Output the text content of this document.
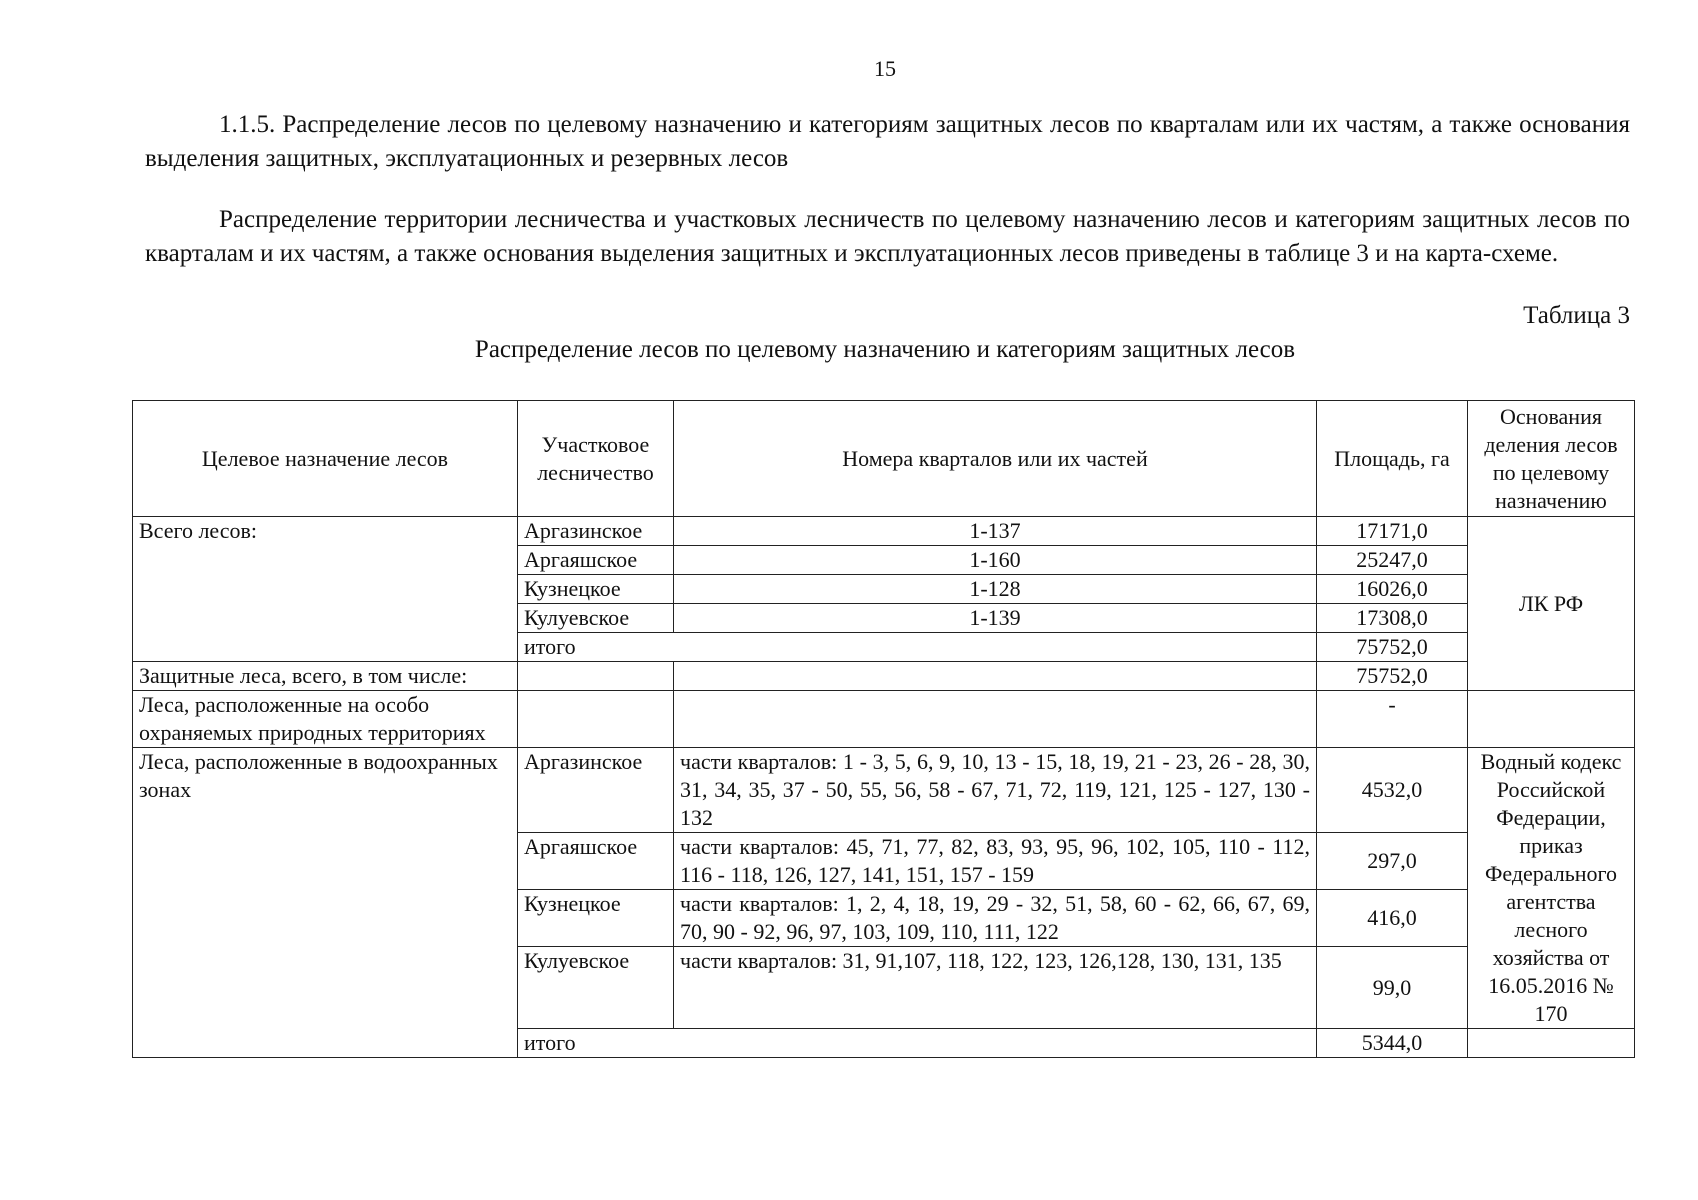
15
1.1.5. Распределение лесов по целевому назначению и категориям защитных лесов по кварталам или их частям, а также основания выделения защитных, эксплуатационных и резервных лесов
Распределение территории лесничества и участковых лесничеств по целевому назначению лесов и категориям защитных лесов по кварталам и их частям, а также основания выделения защитных и эксплуатационных лесов приведены в таблице 3 и на карта-схеме.
Таблица 3
Распределение лесов по целевому назначению и категориям защитных лесов
Целевое назначение лесов	Участковое лесничество	Номера кварталов или их частей	Площадь, га	Основания деления лесов по целевому назначению
Всего лесов:	Аргазинское	1-137	17171,0	ЛК РФ
	Аргаяшское	1-160	25247,0	
	Кузнецкое	1-128	16026,0	
	Кулуевское	1-139	17308,0	
	итого		75752,0	
Защитные леса, всего, в том числе:			75752,0	
Леса, расположенные на особо охраняемых природных территориях			-	
Леса, расположенные в водоохранных зонах	Аргазинское	части кварталов: 1 - 3, 5, 6, 9, 10, 13 - 15, 18, 19, 21 - 23, 26 - 28, 30, 31, 34, 35, 37 - 50, 55, 56, 58 - 67, 71, 72, 119, 121, 125 - 127, 130 - 132	4532,0	Водный кодекс Российской Федерации, приказ Федерального агентства лесного хозяйства от 16.05.2016 № 170
	Аргаяшское	части кварталов: 45, 71, 77, 82, 83, 93, 95, 96, 102, 105, 110 - 112, 116 - 118, 126, 127, 141, 151, 157 - 159	297,0	
	Кузнецкое	части кварталов: 1, 2, 4, 18, 19, 29 - 32, 51, 58, 60 - 62, 66, 67, 69, 70, 90 - 92, 96, 97, 103, 109, 110, 111, 122	416,0	
	Кулуевское	части кварталов: 31, 91,107, 118, 122, 123, 126,128, 130, 131, 135	99,0	
	итого		5344,0	
